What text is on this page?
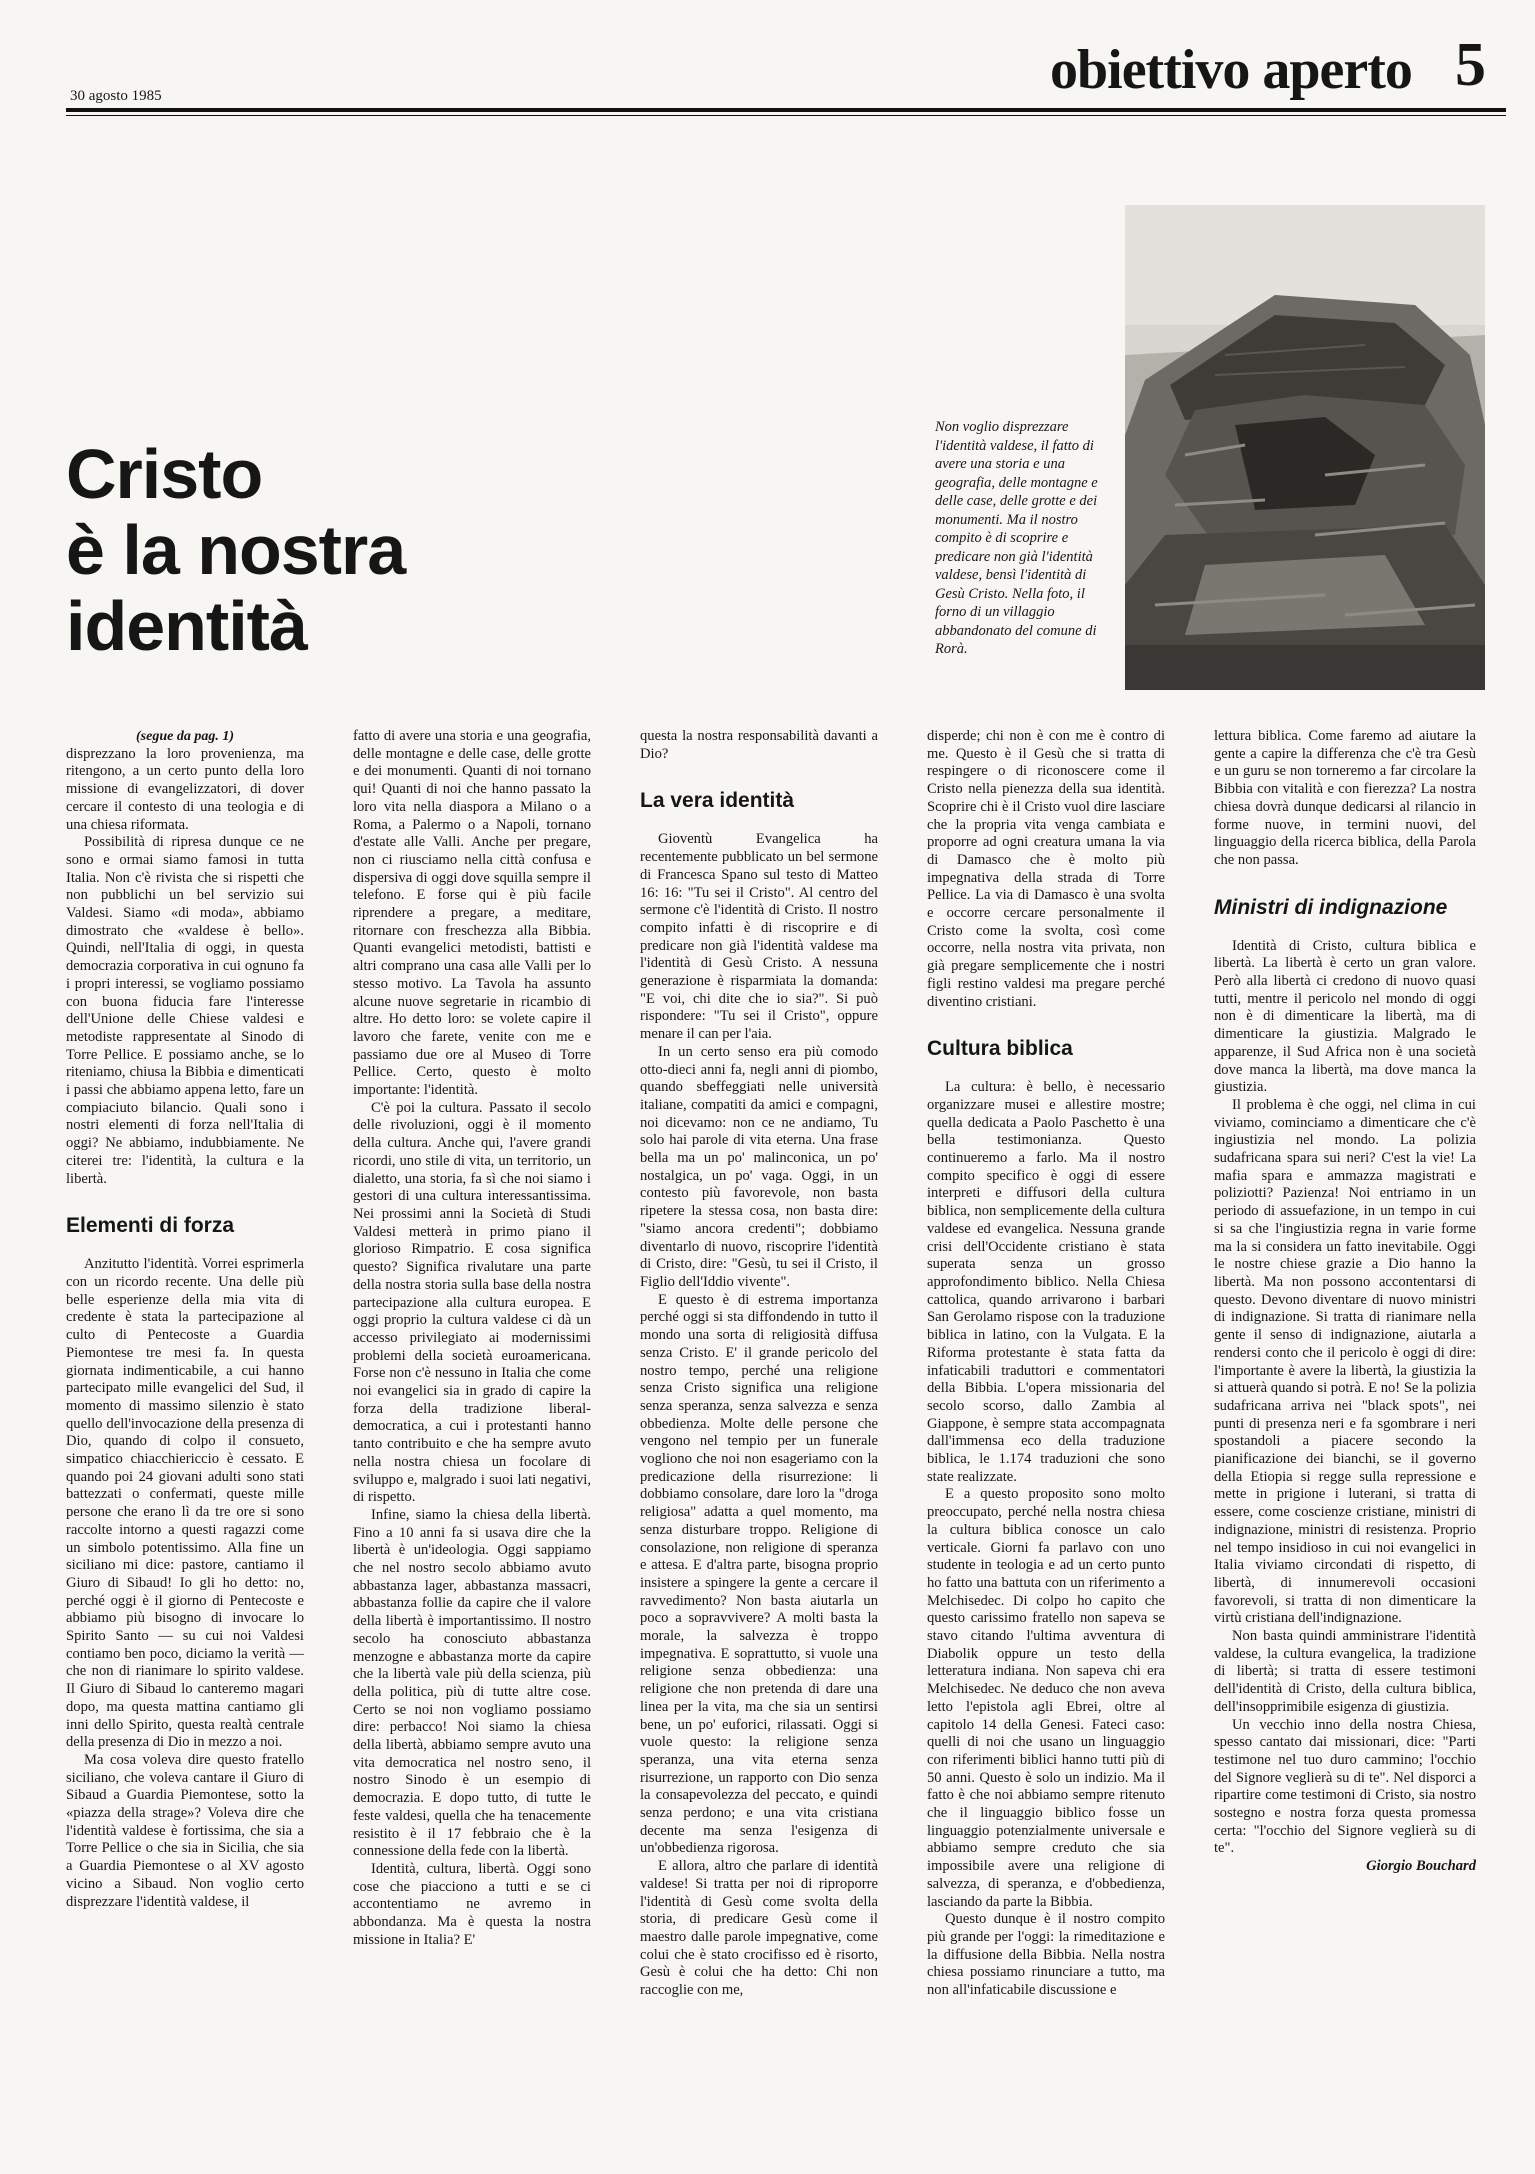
30 agosto 1985	obiettivo aperto 5
Cristo
è la nostra
identità
Non voglio disprezzare l'identità valdese, il fatto di avere una storia e una geografia, delle montagne e delle case, delle grotte e dei monumenti. Ma il nostro compito è di scoprire e predicare non già l'identità valdese, bensì l'identità di Gesù Cristo. Nella foto, il forno di un villaggio abbandonato del comune di Rorà.

(segue da pag. 1)

disprezzano la loro provenienza, ma ritengono, a un certo punto della loro missione di evangelizzatori, di dover cercare il contesto di una teologia e di una chiesa riformata.

Possibilità di ripresa dunque ce ne sono e ormai siamo famosi in tutta Italia. Non c'è rivista che si rispetti che non pubblichi un bel servizio sui Valdesi. Siamo «di moda», abbiamo dimostrato che «valdese è bello». Quindi, nell'Italia di oggi, in questa democrazia corporativa in cui ognuno fa i propri interessi, se vogliamo possiamo con buona fiducia fare l'interesse dell'Unione delle Chiese valdesi e metodiste rappresentate al Sinodo di Torre Pellice. E possiamo anche, se lo riteniamo, chiusa la Bibbia e dimenticati i passi che abbiamo appena letto, fare un compiaciuto bilancio. Quali sono i nostri elementi di forza nell'Italia di oggi? Ne abbiamo, indubbiamente. Ne citerei tre: l'identità, la cultura e la libertà.

Elementi di forza

Anzitutto l'identità. Vorrei esprimerla con un ricordo recente. Una delle più belle esperienze della mia vita di credente è stata la partecipazione al culto di Pentecoste a Guardia Piemontese tre mesi fa. In questa giornata indimenticabile, a cui hanno partecipato mille evangelici del Sud, il momento di massimo silenzio è stato quello dell'invocazione della presenza di Dio, quando di colpo il consueto, simpatico chiacchiericcio è cessato. E quando poi 24 giovani adulti sono stati battezzati o confermati, queste mille persone che erano lì da tre ore si sono raccolte intorno a questi ragazzi come un simbolo potentissimo. Alla fine un siciliano mi dice: pastore, cantiamo il Giuro di Sibaud! Io gli ho detto: no, perché oggi è il giorno di Pentecoste e abbiamo più bisogno di invocare lo Spirito Santo — su cui noi Valdesi contiamo ben poco, diciamo la verità — che non di rianimare lo spirito valdese. Il Giuro di Sibaud lo canteremo magari dopo, ma questa mattina cantiamo gli inni dello Spirito, questa realtà centrale della presenza di Dio in mezzo a noi.

Ma cosa voleva dire questo fratello siciliano, che voleva cantare il Giuro di Sibaud a Guardia Piemontese, sotto la «piazza della strage»? Voleva dire che l'identità valdese è fortissima, che sia a Torre Pellice o che sia in Sicilia, che sia a Guardia Piemontese o al XV agosto vicino a Sibaud. Non voglio certo disprezzare l'identità valdese, il

fatto di avere una storia e una geografia, delle montagne e delle case, delle grotte e dei monumenti. Quanti di noi tornano qui! Quanti di noi che hanno passato la loro vita nella diaspora a Milano o a Roma, a Palermo o a Napoli, tornano d'estate alle Valli. Anche per pregare, non ci riusciamo nella città confusa e dispersiva di oggi dove squilla sempre il telefono. E forse qui è più facile riprendere a pregare, a meditare, ritornare con freschezza alla Bibbia. Quanti evangelici metodisti, battisti e altri comprano una casa alle Valli per lo stesso motivo. La Tavola ha assunto alcune nuove segretarie in ricambio di altre. Ho detto loro: se volete capire il lavoro che farete, venite con me e passiamo due ore al Museo di Torre Pellice. Certo, questo è molto importante: l'identità.

C'è poi la cultura. Passato il secolo delle rivoluzioni, oggi è il momento della cultura. Anche qui, l'avere grandi ricordi, uno stile di vita, un territorio, un dialetto, una storia, fa sì che noi siamo i gestori di una cultura interessantissima. Nei prossimi anni la Società di Studi Valdesi metterà in primo piano il glorioso Rimpatrio. E cosa significa questo? Significa rivalutare una parte della nostra storia sulla base della nostra partecipazione alla cultura europea. E oggi proprio la cultura valdese ci dà un accesso privilegiato ai modernissimi problemi della società euroamericana. Forse non c'è nessuno in Italia che come noi evangelici sia in grado di capire la forza della tradizione liberal-democratica, a cui i protestanti hanno tanto contribuito e che ha sempre avuto nella nostra chiesa un focolare di sviluppo e, malgrado i suoi lati negativi, di rispetto.

Infine, siamo la chiesa della libertà. Fino a 10 anni fa si usava dire che la libertà è un'ideologia. Oggi sappiamo che nel nostro secolo abbiamo avuto abbastanza lager, abbastanza massacri, abbastanza follie da capire che il valore della libertà è importantissimo. Il nostro secolo ha conosciuto abbastanza menzogne e abbastanza morte da capire che la libertà vale più della scienza, più della politica, più di tutte altre cose. Certo se noi non vogliamo possiamo dire: perbacco! Noi siamo la chiesa della libertà, abbiamo sempre avuto una vita democratica nel nostro seno, il nostro Sinodo è un esempio di democrazia. E dopo tutto, di tutte le feste valdesi, quella che ha tenacemente resistito è il 17 febbraio che è la connessione della fede con la libertà.

Identità, cultura, libertà. Oggi sono cose che piacciono a tutti e se ci accontentiamo ne avremo in abbondanza. Ma è questa la nostra missione in Italia? E'

questa la nostra responsabilità davanti a Dio?

La vera identità

Gioventù Evangelica ha recentemente pubblicato un bel sermone di Francesca Spano sul testo di Matteo 16: 16: "Tu sei il Cristo". Al centro del sermone c'è l'identità di Cristo. Il nostro compito infatti è di riscoprire e di predicare non già l'identità valdese ma l'identità di Gesù Cristo. A nessuna generazione è risparmiata la domanda: "E voi, chi dite che io sia?". Si può rispondere: "Tu sei il Cristo", oppure menare il can per l'aia.

In un certo senso era più comodo otto-dieci anni fa, negli anni di piombo, quando sbeffeggiati nelle università italiane, compatiti da amici e compagni, noi dicevamo: non ce ne andiamo, Tu solo hai parole di vita eterna. Una frase bella ma un po' malinconica, un po' nostalgica, un po' vaga. Oggi, in un contesto più favorevole, non basta ripetere la stessa cosa, non basta dire: "siamo ancora credenti"; dobbiamo diventarlo di nuovo, riscoprire l'identità di Cristo, dire: "Gesù, tu sei il Cristo, il Figlio dell'Iddio vivente".

E questo è di estrema importanza perché oggi si sta diffondendo in tutto il mondo una sorta di religiosità diffusa senza Cristo. E' il grande pericolo del nostro tempo, perché una religione senza Cristo significa una religione senza speranza, senza salvezza e senza obbedienza. Molte delle persone che vengono nel tempio per un funerale vogliono che noi non esageriamo con la predicazione della risurrezione: li dobbiamo consolare, dare loro la "droga religiosa" adatta a quel momento, ma senza disturbare troppo. Religione di consolazione, non religione di speranza e attesa. E d'altra parte, bisogna proprio insistere a spingere la gente a cercare il ravvedimento? Non basta aiutarla un poco a sopravvivere? A molti basta la morale, la salvezza è troppo impegnativa. E soprattutto, si vuole una religione senza obbedienza: una religione che non pretenda di dare una linea per la vita, ma che sia un sentirsi bene, un po' euforici, rilassati. Oggi si vuole questo: la religione senza speranza, una vita eterna senza risurrezione, un rapporto con Dio senza la consapevolezza del peccato, e quindi senza perdono; e una vita cristiana decente ma senza l'esigenza di un'obbedienza rigorosa.

E allora, altro che parlare di identità valdese! Si tratta per noi di riproporre l'identità di Gesù come svolta della storia, di predicare Gesù come il maestro dalle parole impegnative, come colui che è stato crocifisso ed è risorto, Gesù è colui che ha detto: Chi non raccoglie con me,

disperde; chi non è con me è contro di me. Questo è il Gesù che si tratta di respingere o di riconoscere come il Cristo nella pienezza della sua identità. Scoprire chi è il Cristo vuol dire lasciare che la propria vita venga cambiata e proporre ad ogni creatura umana la via di Damasco che è molto più impegnativa della strada di Torre Pellice. La via di Damasco è una svolta e occorre cercare personalmente il Cristo come la svolta, così come occorre, nella nostra vita privata, non già pregare semplicemente che i nostri figli restino valdesi ma pregare perché diventino cristiani.

Cultura biblica

La cultura: è bello, è necessario organizzare musei e allestire mostre; quella dedicata a Paolo Paschetto è una bella testimonianza. Questo continueremo a farlo. Ma il nostro compito specifico è oggi di essere interpreti e diffusori della cultura biblica, non semplicemente della cultura valdese ed evangelica. Nessuna grande crisi dell'Occidente cristiano è stata superata senza un grosso approfondimento biblico. Nella Chiesa cattolica, quando arrivarono i barbari San Gerolamo rispose con la traduzione biblica in latino, con la Vulgata. E la Riforma protestante è stata fatta da infaticabili traduttori e commentatori della Bibbia. L'opera missionaria del secolo scorso, dallo Zambia al Giappone, è sempre stata accompagnata dall'immensa eco della traduzione biblica, le 1.174 traduzioni che sono state realizzate.

E a questo proposito sono molto preoccupato, perché nella nostra chiesa la cultura biblica conosce un calo verticale. Giorni fa parlavo con uno studente in teologia e ad un certo punto ho fatto una battuta con un riferimento a Melchisedec. Di colpo ho capito che questo carissimo fratello non sapeva se stavo citando l'ultima avventura di Diabolik oppure un testo della letteratura indiana. Non sapeva chi era Melchisedec. Ne deduco che non aveva letto l'epistola agli Ebrei, oltre al capitolo 14 della Genesi. Fateci caso: quelli di noi che usano un linguaggio con riferimenti biblici hanno tutti più di 50 anni. Questo è solo un indizio. Ma il fatto è che noi abbiamo sempre ritenuto che il linguaggio biblico fosse un linguaggio potenzialmente universale e abbiamo sempre creduto che sia impossibile avere una religione di salvezza, di speranza, e d'obbedienza, lasciando da parte la Bibbia.

Questo dunque è il nostro compito più grande per l'oggi: la rimeditazione e la diffusione della Bibbia. Nella nostra chiesa possiamo rinunciare a tutto, ma non all'infaticabile discussione e

lettura biblica. Come faremo ad aiutare la gente a capire la differenza che c'è tra Gesù e un guru se non torneremo a far circolare la Bibbia con vitalità e con fierezza? La nostra chiesa dovrà dunque dedicarsi al rilancio in forme nuove, in termini nuovi, del linguaggio della ricerca biblica, della Parola che non passa.

Ministri di indignazione

Identità di Cristo, cultura biblica e libertà. La libertà è certo un gran valore. Però alla libertà ci credono di nuovo quasi tutti, mentre il pericolo nel mondo di oggi non è di dimenticare la libertà, ma di dimenticare la giustizia. Malgrado le apparenze, il Sud Africa non è una società dove manca la libertà, ma dove manca la giustizia.

Il problema è che oggi, nel clima in cui viviamo, cominciamo a dimenticare che c'è ingiustizia nel mondo. La polizia sudafricana spara sui neri? C'est la vie! La mafia spara e ammazza magistrati e poliziotti? Pazienza! Noi entriamo in un periodo di assuefazione, in un tempo in cui si sa che l'ingiustizia regna in varie forme ma la si considera un fatto inevitabile. Oggi le nostre chiese grazie a Dio hanno la libertà. Ma non possono accontentarsi di questo. Devono diventare di nuovo ministri di indignazione. Si tratta di rianimare nella gente il senso di indignazione, aiutarla a rendersi conto che il pericolo è oggi di dire: l'importante è avere la libertà, la giustizia la si attuerà quando si potrà. E no! Se la polizia sudafricana arriva nei "black spots", nei punti di presenza neri e fa sgombrare i neri spostandoli a piacere secondo la pianificazione dei bianchi, se il governo della Etiopia si regge sulla repressione e mette in prigione i luterani, si tratta di essere, come coscienze cristiane, ministri di indignazione, ministri di resistenza. Proprio nel tempo insidioso in cui noi evangelici in Italia viviamo circondati di rispetto, di libertà, di innumerevoli occasioni favorevoli, si tratta di non dimenticare la virtù cristiana dell'indignazione.

Non basta quindi amministrare l'identità valdese, la cultura evangelica, la tradizione di libertà; si tratta di essere testimoni dell'identità di Cristo, della cultura biblica, dell'insopprimibile esigenza di giustizia.

Un vecchio inno della nostra Chiesa, spesso cantato dai missionari, dice: "Parti testimone nel tuo duro cammino; l'occhio del Signore veglierà su di te". Nel disporci a ripartire come testimoni di Cristo, sia nostro sostegno e nostra forza questa promessa certa: "l'occhio del Signore veglierà su di te".

Giorgio Bouchard
